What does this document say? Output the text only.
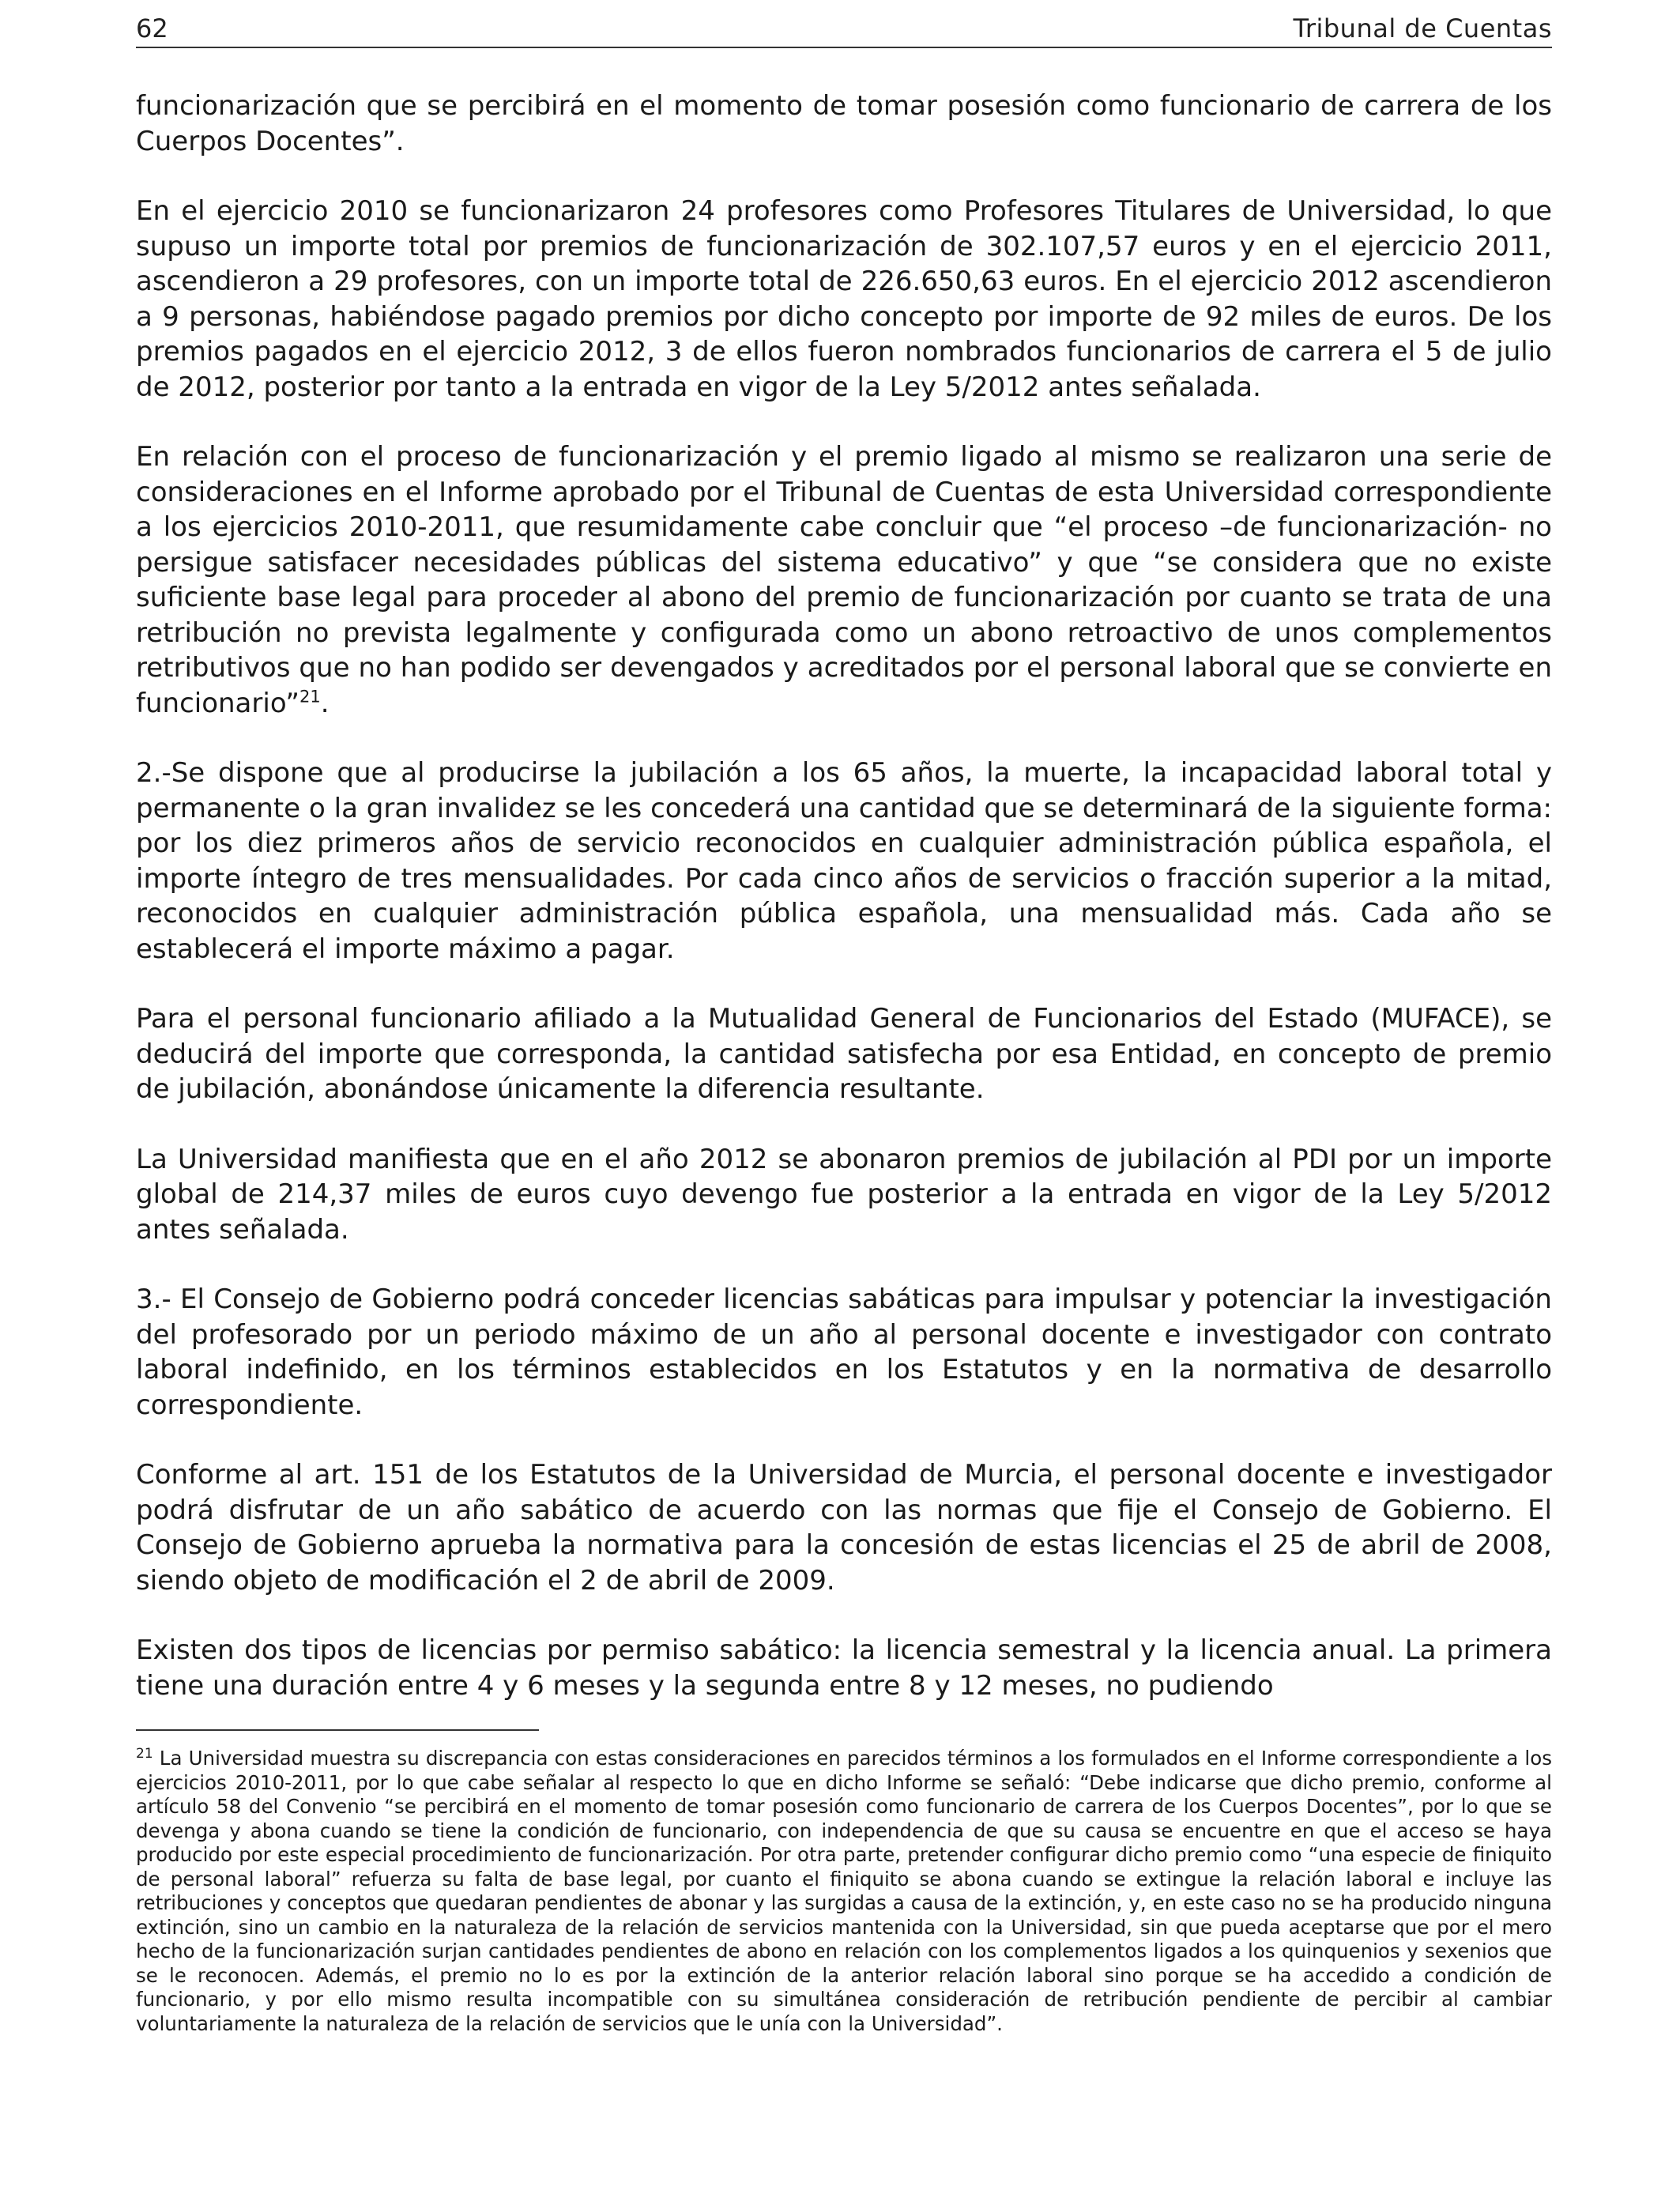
62	Tribunal de Cuentas

funcionarización que se percibirá en el momento de tomar posesión como funcionario de carrera de los Cuerpos Docentes”.

En el ejercicio 2010 se funcionarizaron 24 profesores como Profesores Titulares de Universidad, lo que supuso un importe total por premios de funcionarización de 302.107,57 euros y en el ejercicio 2011, ascendieron a 29 profesores, con un importe total de 226.650,63 euros. En el ejercicio 2012 ascendieron a 9 personas, habiéndose pagado premios por dicho concepto por importe de 92 miles de euros. De los premios pagados en el ejercicio 2012, 3 de ellos fueron nombrados funcionarios de carrera el 5 de julio de 2012, posterior por tanto a la entrada en vigor de la Ley 5/2012 antes señalada.

En relación con el proceso de funcionarización y el premio ligado al mismo se realizaron una serie de consideraciones en el Informe aprobado por el Tribunal de Cuentas de esta Universidad correspondiente a los ejercicios 2010-2011, que resumidamente cabe concluir que “el proceso –de funcionarización- no persigue satisfacer necesidades públicas del sistema educativo” y que “se considera que no existe suficiente base legal para proceder al abono del premio de funcionarización por cuanto se trata de una retribución no prevista legalmente y configurada como un abono retroactivo de unos complementos retributivos que no han podido ser devengados y acreditados por el personal laboral que se convierte en funcionario”$^{21}$.

2.-Se dispone que al producirse la jubilación a los 65 años, la muerte, la incapacidad laboral total y permanente o la gran invalidez se les concederá una cantidad que se determinará de la siguiente forma: por los diez primeros años de servicio reconocidos en cualquier administración pública española, el importe íntegro de tres mensualidades. Por cada cinco años de servicios o fracción superior a la mitad, reconocidos en cualquier administración pública española, una mensualidad más. Cada año se establecerá el importe máximo a pagar.

Para el personal funcionario afiliado a la Mutualidad General de Funcionarios del Estado (MUFACE), se deducirá del importe que corresponda, la cantidad satisfecha por esa Entidad, en concepto de premio de jubilación, abonándose únicamente la diferencia resultante.

La Universidad manifiesta que en el año 2012 se abonaron premios de jubilación al PDI por un importe global de 214,37 miles de euros cuyo devengo fue posterior a la entrada en vigor de la Ley 5/2012 antes señalada.

3.- El Consejo de Gobierno podrá conceder licencias sabáticas para impulsar y potenciar la investigación del profesorado por un periodo máximo de un año al personal docente e investigador con contrato laboral indefinido, en los términos establecidos en los Estatutos y en la normativa de desarrollo correspondiente.

Conforme al art. 151 de los Estatutos de la Universidad de Murcia, el personal docente e investigador podrá disfrutar de un año sabático de acuerdo con las normas que fije el Consejo de Gobierno. El Consejo de Gobierno aprueba la normativa para la concesión de estas licencias el 25 de abril de 2008, siendo objeto de modificación el 2 de abril de 2009.

Existen dos tipos de licencias por permiso sabático: la licencia semestral y la licencia anual. La primera tiene una duración entre 4 y 6 meses y la segunda entre 8 y 12 meses, no pudiendo

$^{21}$ La Universidad muestra su discrepancia con estas consideraciones en parecidos términos a los formulados en el Informe correspondiente a los ejercicios 2010-2011, por lo que cabe señalar al respecto lo que en dicho Informe se señaló: “Debe indicarse que dicho premio, conforme al artículo 58 del Convenio “se percibirá en el momento de tomar posesión como funcionario de carrera de los Cuerpos Docentes”, por lo que se devenga y abona cuando se tiene la condición de funcionario, con independencia de que su causa se encuentre en que el acceso se haya producido por este especial procedimiento de funcionarización. Por otra parte, pretender configurar dicho premio como “una especie de finiquito de personal laboral” refuerza su falta de base legal, por cuanto el finiquito se abona cuando se extingue la relación laboral e incluye las retribuciones y conceptos que quedaran pendientes de abonar y las surgidas a causa de la extinción, y, en este caso no se ha producido ninguna extinción, sino un cambio en la naturaleza de la relación de servicios mantenida con la Universidad, sin que pueda aceptarse que por el mero hecho de la funcionarización surjan cantidades pendientes de abono en relación con los complementos ligados a los quinquenios y sexenios que se le reconocen. Además, el premio no lo es por la extinción de la anterior relación laboral sino porque se ha accedido a condición de funcionario, y por ello mismo resulta incompatible con su simultánea consideración de retribución pendiente de percibir al cambiar voluntariamente la naturaleza de la relación de servicios que le unía con la Universidad”.
